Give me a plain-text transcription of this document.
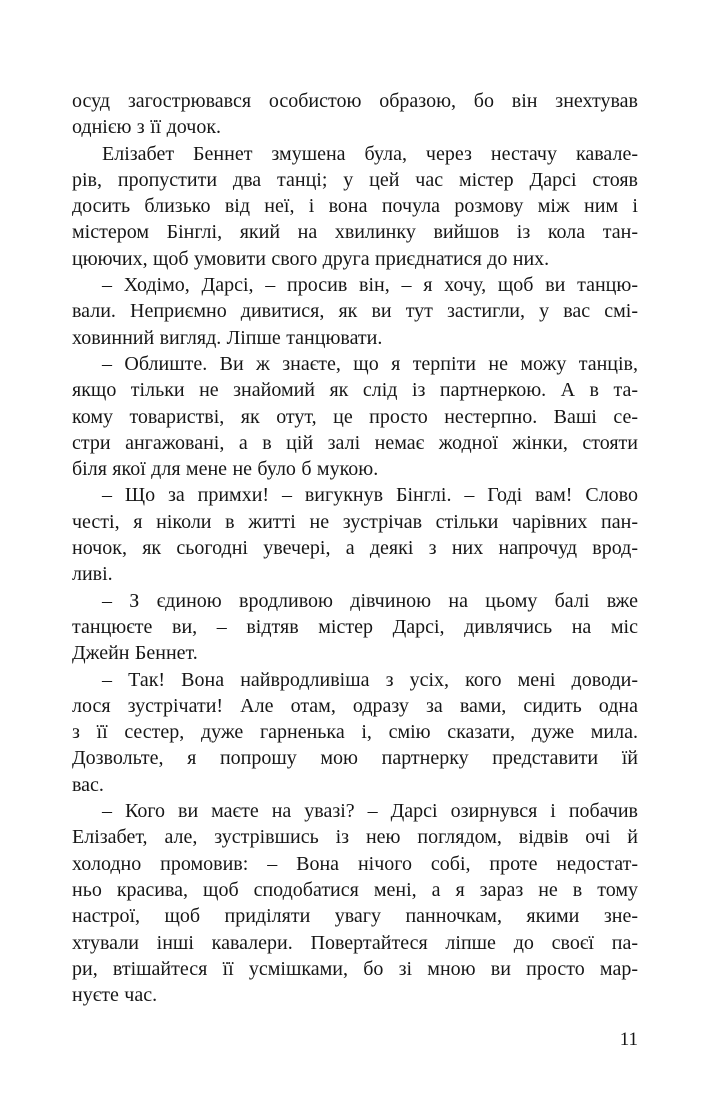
осуд загострювався особистою образою, бо він знехтував
однією з її дочок.
Елізабет Беннет змушена була, через нестачу кавале-
рів, пропустити два танці; у цей час містер Дарсі стояв
досить близько від неї, і вона почула розмову між ним і
містером Бінглі, який на хвилинку вийшов із кола тан-
цюючих, щоб умовити свого друга приєднатися до них.
– Ходімо, Дарсі, – просив він, – я хочу, щоб ви танцю-
вали. Неприємно дивитися, як ви тут застигли, у вас смі-
ховинний вигляд. Ліпше танцювати.
– Облиште. Ви ж знаєте, що я терпіти не можу танців,
якщо тільки не знайомий як слід із партнеркою. А в та-
кому товаристві, як отут, це просто нестерпно. Ваші се-
стри ангажовані, а в цій залі немає жодної жінки, стояти
біля якої для мене не було б мукою.
– Що за примхи! – вигукнув Бінглі. – Годі вам! Слово
честі, я ніколи в житті не зустрічав стільки чарівних пан-
ночок, як сьогодні увечері, а деякі з них напрочуд врод-
ливі.
– З єдиною вродливою дівчиною на цьому балі вже
танцюєте ви, – відтяв містер Дарсі, дивлячись на міс
Джейн Беннет.
– Так! Вона найвродливіша з усіх, кого мені доводи-
лося зустрічати! Але отам, одразу за вами, сидить одна
з її сестер, дуже гарненька і, смію сказати, дуже мила.
Дозвольте, я попрошу мою партнерку представити їй
вас.
– Кого ви маєте на увазі? – Дарсі озирнувся і побачив
Елізабет, але, зустрівшись із нею поглядом, відвів очі й
холодно промовив: – Вона нічого собі, проте недостат-
ньо красива, щоб сподобатися мені, а я зараз не в тому
настрої, щоб приділяти увагу панночкам, якими зне-
хтували інші кавалери. Повертайтеся ліпше до своєї па-
ри, втішайтеся її усмішками, бо зі мною ви просто мар-
нуєте час.
11
